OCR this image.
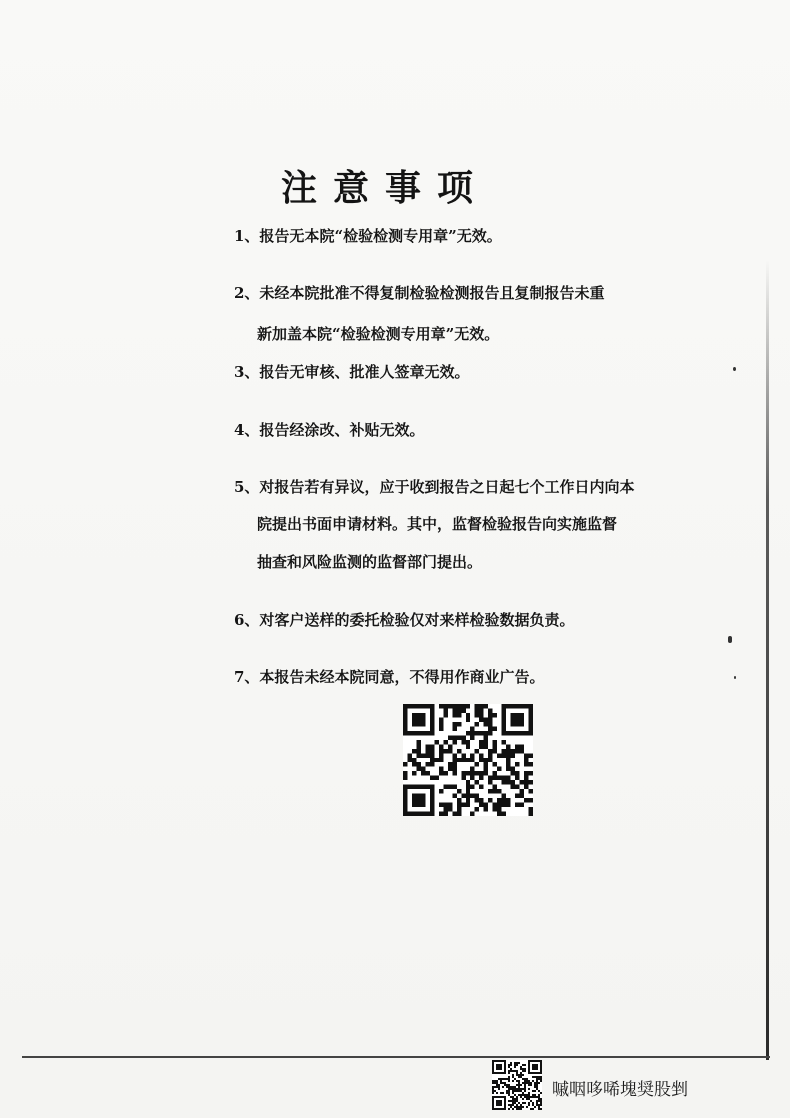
注意事项
1、报告无本院“检验检测专用章”无效。
2、未经本院批准不得复制检验检测报告且复制报告未重
新加盖本院“检验检测专用章”无效。
3、报告无审核、批准人签章无效。
4、报告经涂改、补贴无效。
5、对报告若有异议，应于收到报告之日起七个工作日内向本
院提出书面申请材料。其中，监督检验报告向实施监督
抽查和风险监测的监督部门提出。
6、对客户送样的委托检验仅对来样检验数据负责。
7、本报告未经本院同意，不得用作商业广告。
嘁咽哆唏塊奨股剉
